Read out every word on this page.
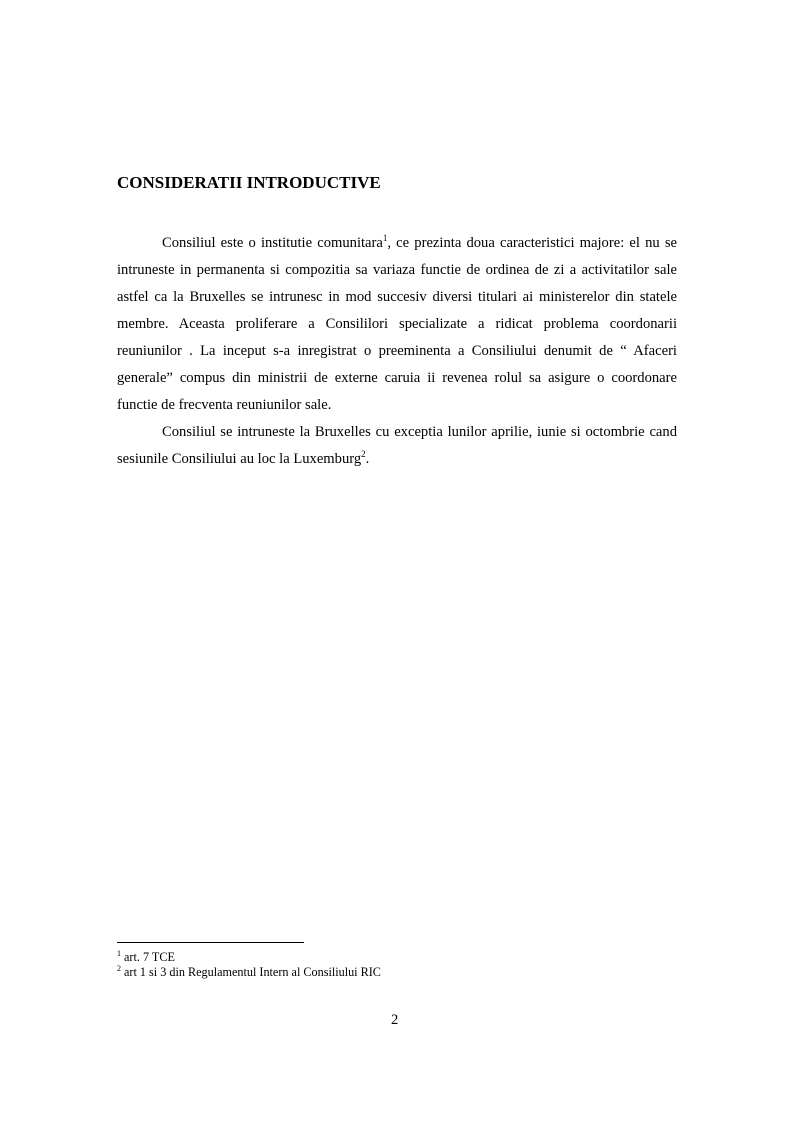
CONSIDERATII INTRODUCTIVE

Consiliul este o institutie comunitara$^1$, ce prezinta doua caracteristici majore: el nu se intruneste in permanenta si compozitia sa variaza functie de ordinea de zi a activitatilor sale astfel ca la Bruxelles se intrunesc in mod succesiv diversi titulari ai ministerelor din statele membre. Aceasta proliferare a Consililori specializate a ridicat problema coordonarii reuniunilor . La inceput s-a inregistrat o preeminenta a Consiliului denumit de “ Afaceri generale” compus din ministrii de externe caruia ii revenea rolul sa asigure o coordonare functie de frecventa reuniunilor sale.

Consiliul se intruneste la Bruxelles cu exceptia lunilor aprilie, iunie si octombrie cand sesiunile Consiliului au loc la Luxemburg$^2$.

$^1$ art. 7 TCE
$^2$ art 1 si 3 din Regulamentul Intern al Consiliului RIC
2
